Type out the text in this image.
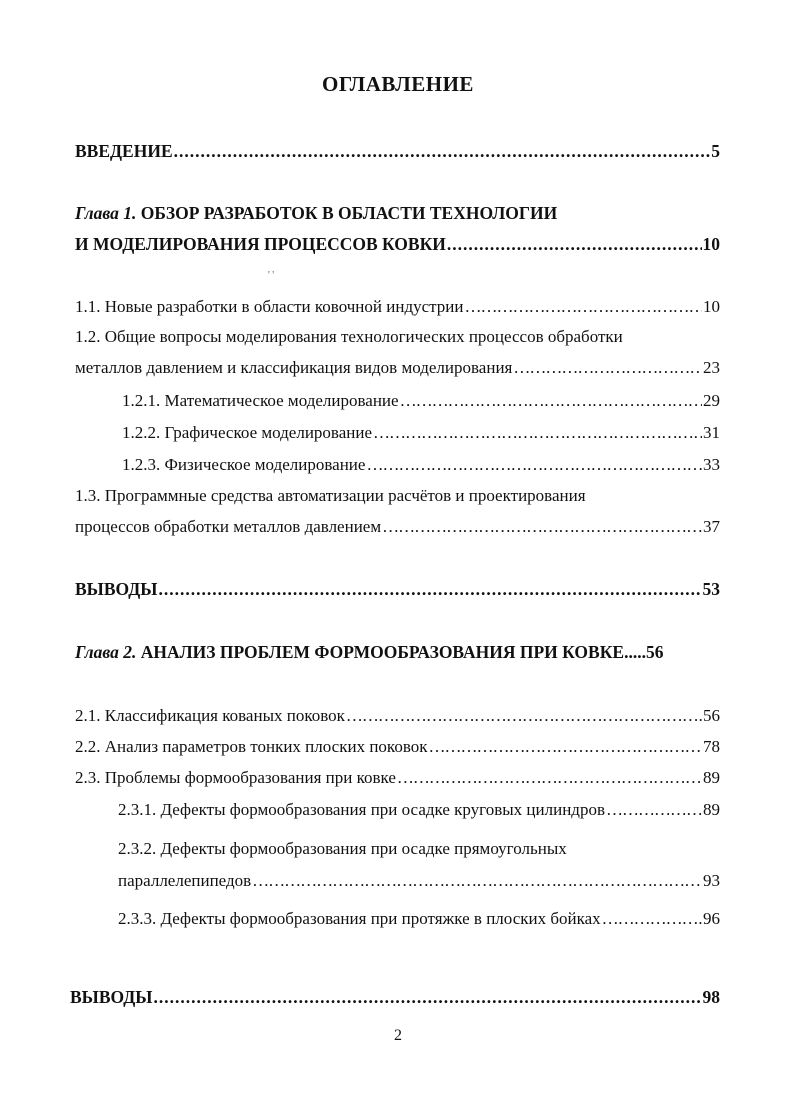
ОГЛАВЛЕНИЕ
ВВЕДЕНИЕ .....	5
Глава 1. ОБЗОР РАЗРАБОТОК В ОБЛАСТИ ТЕХНОЛОГИИ
И МОДЕЛИРОВАНИЯ ПРОЦЕССОВ КОВКИ .....	10
' '
1.1. Новые разработки в области ковочной индустрии ……………………………………………………………………………………………………………………………………………………………………………………………………………………	10
1.2. Общие вопросы моделирования технологических процессов обработки
металлов давлением и классификация видов моделирования ……………………………………………………………………………………………………………………………………………………………………………………………………………………	23
1.2.1. Математическое моделирование ……………………………………………………………………………………………………………………………………………………………………………………………………………………	29
1.2.2. Графическое моделирование ……………………………………………………………………………………………………………………………………………………………………………………………………………………	31
1.2.3. Физическое моделирование ……………………………………………………………………………………………………………………………………………………………………………………………………………………	33
1.3. Программные средства автоматизации расчётов и проектирования
процессов обработки металлов давлением ……………………………………………………………………………………………………………………………………………………………………………………………………………………	37
ВЫВОДЫ .....	53
Глава 2. АНАЛИЗ ПРОБЛЕМ ФОРМООБРАЗОВАНИЯ ПРИ КОВКЕ.....56
2.1. Классификация кованых поковок ……………………………………………………………………………………………………………………………………………………………………………………………………………………	56
2.2. Анализ параметров тонких плоских поковок ……………………………………………………………………………………………………………………………………………………………………………………………………………………	78
2.3. Проблемы формообразования при ковке ……………………………………………………………………………………………………………………………………………………………………………………………………………………	89
2.3.1. Дефекты формообразования при осадке круговых цилиндров ……………………………………………………………………………………………………………………………………………………………………………………………………………………	89
2.3.2. Дефекты формообразования при осадке прямоугольных
параллелепипедов ……………………………………………………………………………………………………………………………………………………………………………………………………………………	93
2.3.3. Дефекты формообразования при протяжке в плоских бойках ……………………………………………………………………………………………………………………………………………………………………………………………………………………	96
ВЫВОДЫ .....	98
2
